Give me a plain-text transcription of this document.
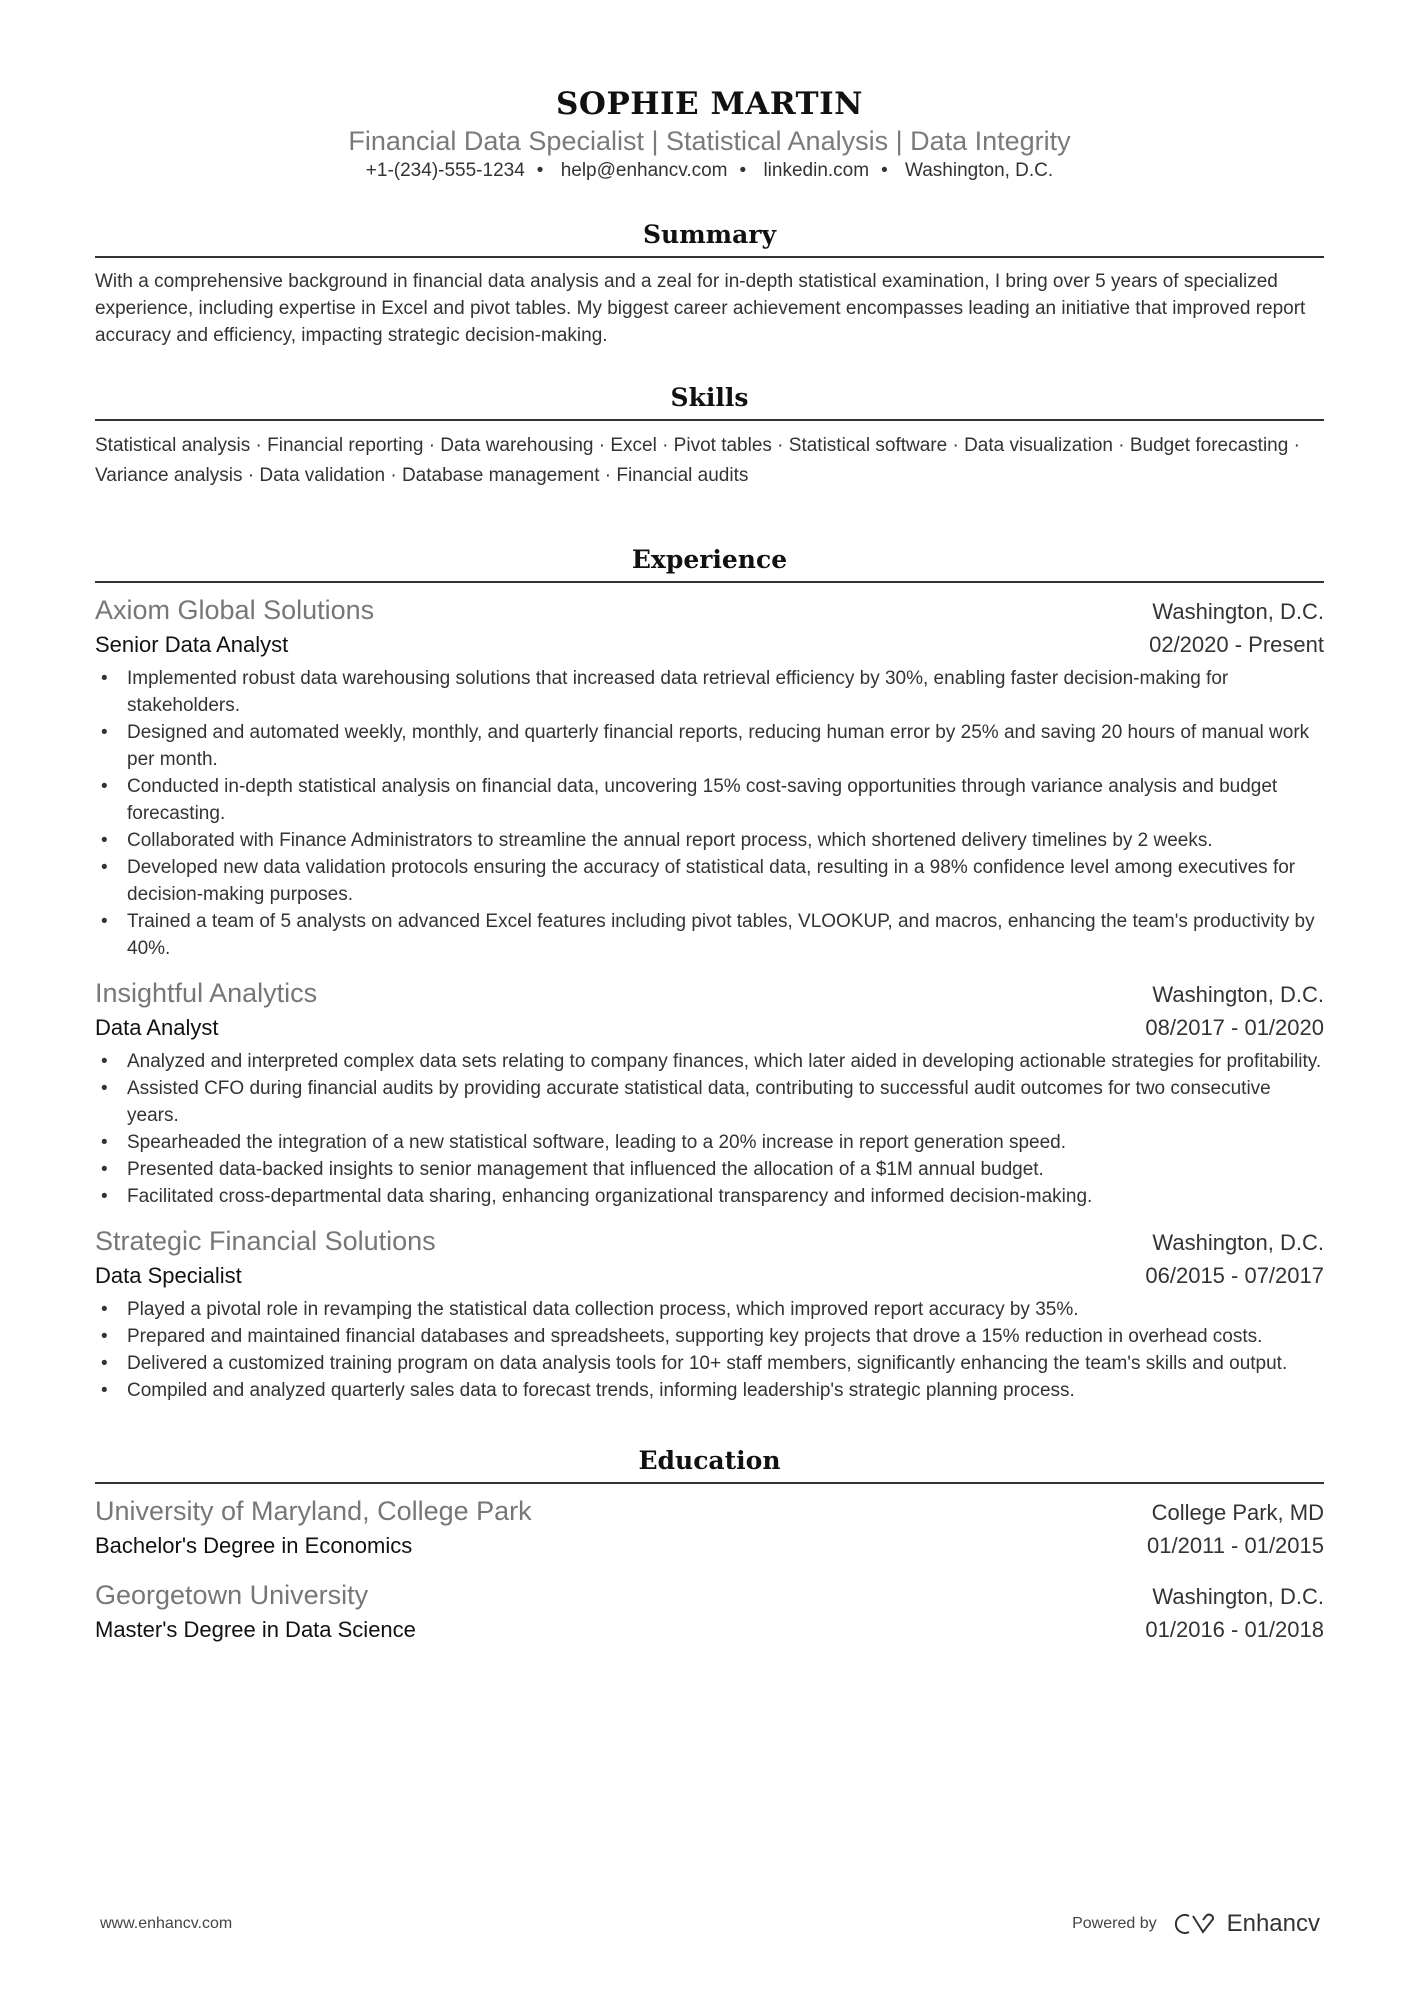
SOPHIE MARTIN
Financial Data Specialist | Statistical Analysis | Data Integrity
+1-(234)-555-1234 • help@enhancv.com • linkedin.com • Washington, D.C.
Summary
With a comprehensive background in financial data analysis and a zeal for in-depth statistical examination, I bring over 5 years of specialized experience, including expertise in Excel and pivot tables. My biggest career achievement encompasses leading an initiative that improved report accuracy and efficiency, impacting strategic decision-making.
Skills
Statistical analysis · Financial reporting · Data warehousing · Excel · Pivot tables · Statistical software · Data visualization · Budget forecasting · Variance analysis · Data validation · Database management · Financial audits
Experience
Axiom Global Solutions	Washington, D.C.
Senior Data Analyst	02/2020 - Present
• Implemented robust data warehousing solutions that increased data retrieval efficiency by 30%, enabling faster decision-making for stakeholders.
• Designed and automated weekly, monthly, and quarterly financial reports, reducing human error by 25% and saving 20 hours of manual work per month.
• Conducted in-depth statistical analysis on financial data, uncovering 15% cost-saving opportunities through variance analysis and budget forecasting.
• Collaborated with Finance Administrators to streamline the annual report process, which shortened delivery timelines by 2 weeks.
• Developed new data validation protocols ensuring the accuracy of statistical data, resulting in a 98% confidence level among executives for decision-making purposes.
• Trained a team of 5 analysts on advanced Excel features including pivot tables, VLOOKUP, and macros, enhancing the team's productivity by 40%.
Insightful Analytics	Washington, D.C.
Data Analyst	08/2017 - 01/2020
• Analyzed and interpreted complex data sets relating to company finances, which later aided in developing actionable strategies for profitability.
• Assisted CFO during financial audits by providing accurate statistical data, contributing to successful audit outcomes for two consecutive years.
• Spearheaded the integration of a new statistical software, leading to a 20% increase in report generation speed.
• Presented data-backed insights to senior management that influenced the allocation of a $1M annual budget.
• Facilitated cross-departmental data sharing, enhancing organizational transparency and informed decision-making.
Strategic Financial Solutions	Washington, D.C.
Data Specialist	06/2015 - 07/2017
• Played a pivotal role in revamping the statistical data collection process, which improved report accuracy by 35%.
• Prepared and maintained financial databases and spreadsheets, supporting key projects that drove a 15% reduction in overhead costs.
• Delivered a customized training program on data analysis tools for 10+ staff members, significantly enhancing the team's skills and output.
• Compiled and analyzed quarterly sales data to forecast trends, informing leadership's strategic planning process.
Education
University of Maryland, College Park	College Park, MD
Bachelor's Degree in Economics	01/2011 - 01/2015
Georgetown University	Washington, D.C.
Master's Degree in Data Science	01/2016 - 01/2018
www.enhancv.com	Powered by	Enhancv
